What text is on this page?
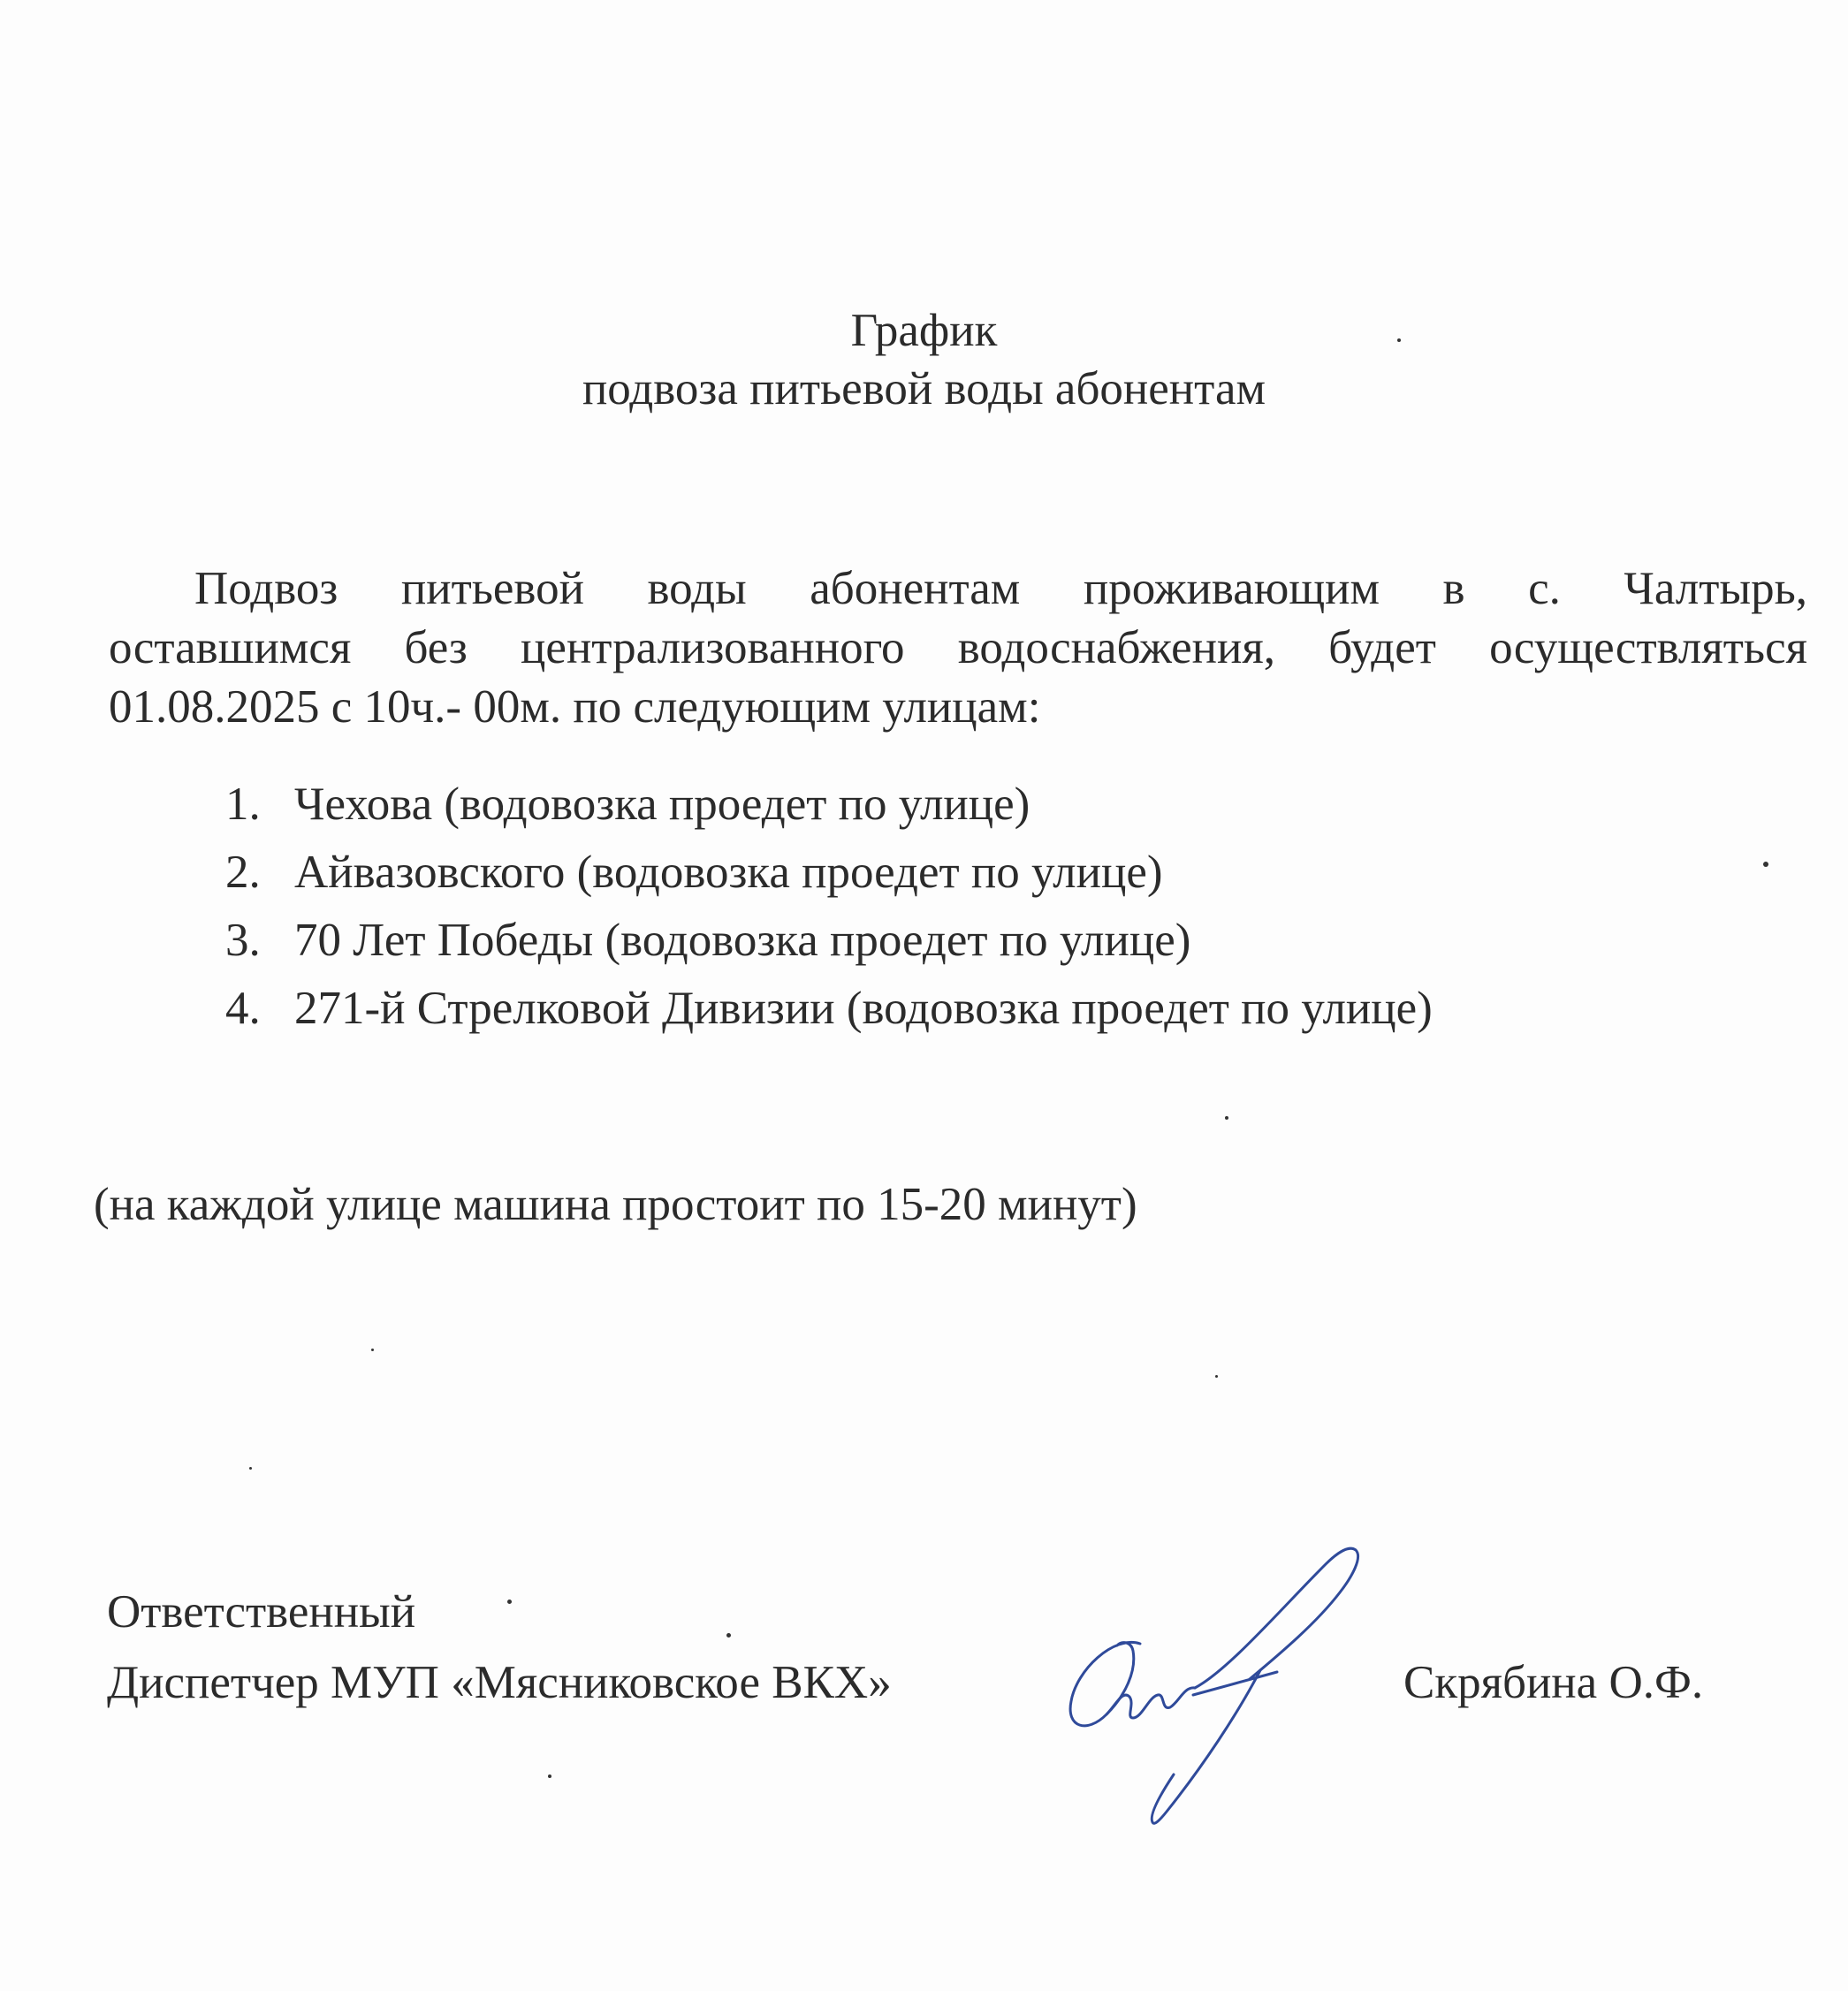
График
подвоза питьевой воды абонентам
Подвоз питьевой воды абонентам проживающим в с. Чалтырь,
оставшимся без централизованного водоснабжения, будет осуществляться
01.08.2025 с 10ч.- 00м. по следующим улицам:
1. Чехова (водовозка проедет по улице)
2. Айвазовского (водовозка проедет по улице)
3. 70 Лет Победы (водовозка проедет по улице)
4. 271-й Стрелковой Дивизии (водовозка проедет по улице)
(на каждой улице машина простоит по 15-20 минут)
Ответственный
Диспетчер МУП «Мясниковское ВКХ»	Скрябина О.Ф.
